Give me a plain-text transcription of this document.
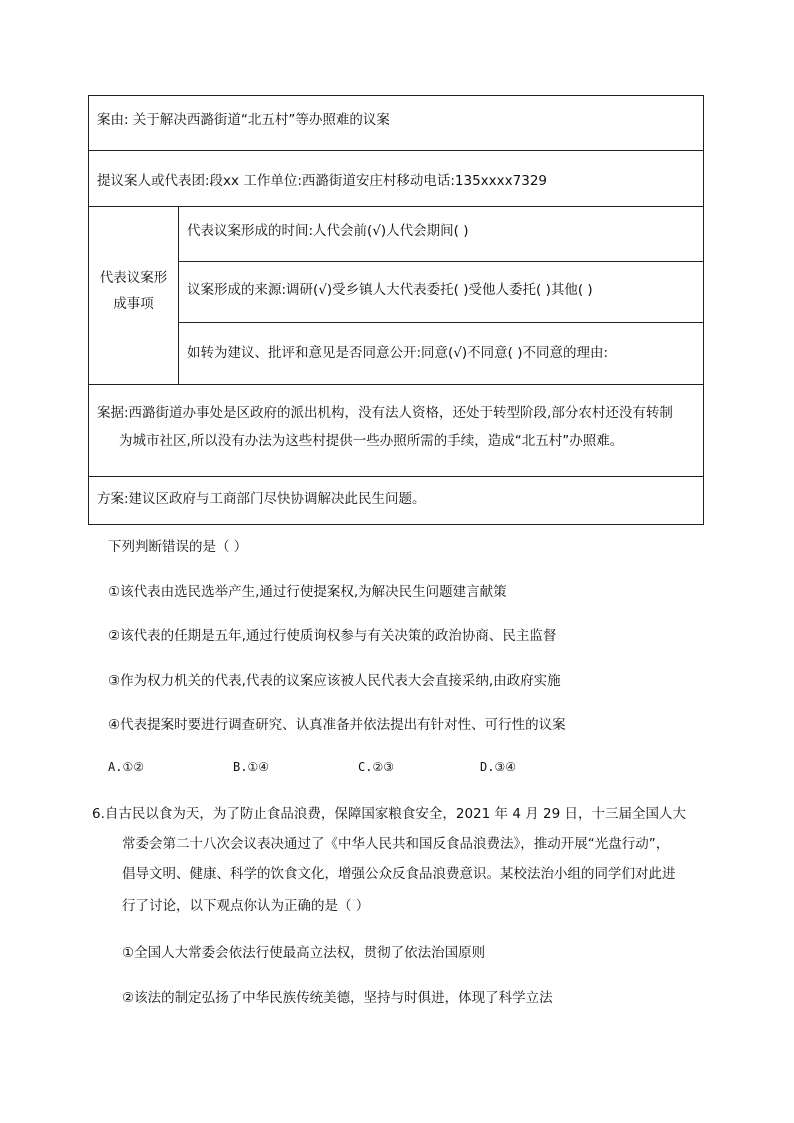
案由: 关于解决西潞街道“北五村”等办照难的议案
提议案人或代表团:段xx 工作单位:西潞街道安庄村移动电话:135xxxx7329
代表议案形
成事项
代表议案形成的时间:人代会前(√)人代会期间( )
议案形成的来源:调研(√)受乡镇人大代表委托( )受他人委托( )其他( )
如转为建议、批评和意见是否同意公开:同意(√)不同意( )不同意的理由:
案据:西潞街道办事处是区政府的派出机构，没有法人资格，还处于转型阶段,部分农村还没有转制
为城市社区,所以没有办法为这些村提供一些办照所需的手续，造成“北五村”办照难。
方案:建议区政府与工商部门尽快协调解决此民生问题。
下列判断错误的是（ ）
①该代表由选民选举产生,通过行使提案权,为解决民生问题建言献策
②该代表的任期是五年,通过行使质询权参与有关决策的政治协商、民主监督
③作为权力机关的代表,代表的议案应该被人民代表大会直接采纳,由政府实施
④代表提案时要进行调查研究、认真准备并依法提出有针对性、可行性的议案
A.①②	B.①④	C.②③	D.③④
6.自古民以食为天，为了防止食品浪费，保障国家粮食安全，2021 年 4 月 29 日，十三届全国人大
常委会第二十八次会议表决通过了《中华人民共和国反食品浪费法》，推动开展“光盘行动”，
倡导文明、健康、科学的饮食文化，增强公众反食品浪费意识。某校法治小组的同学们对此进
行了讨论，以下观点你认为正确的是（ ）
①全国人大常委会依法行使最高立法权，贯彻了依法治国原则
②该法的制定弘扬了中华民族传统美德，坚持与时俱进，体现了科学立法
